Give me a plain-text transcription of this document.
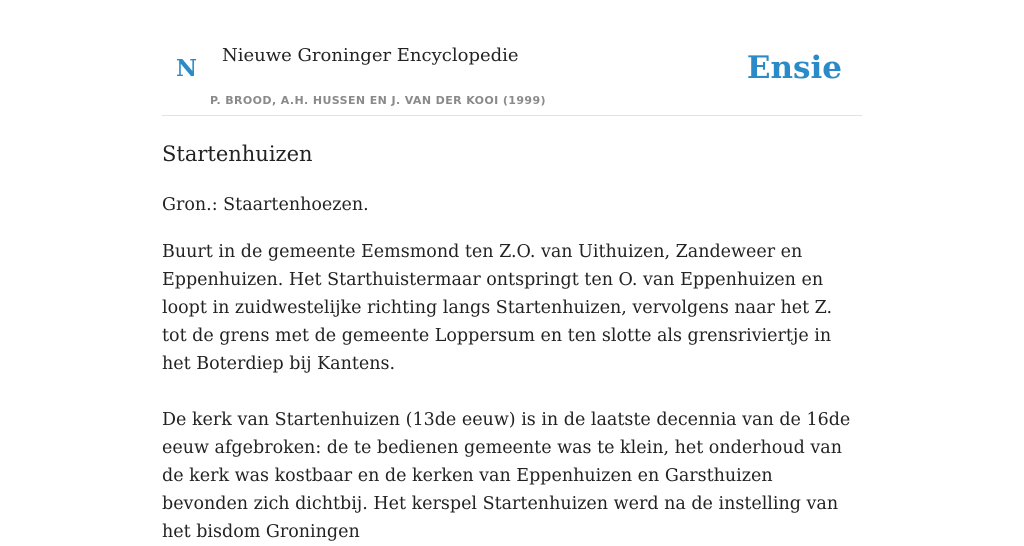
N Nieuwe Groninger Encyclopedie
P. BROOD, A.H. HUSSEN EN J. VAN DER KOOI (1999)
Ensie
Startenhuizen

Gron.: Staartenhoezen.

Buurt in de gemeente Eemsmond ten Z.O. van Uithuizen, Zandeweer en Eppenhuizen. Het Starthuistermaar ontspringt ten O. van Eppenhuizen en loopt in zuidwestelijke richting langs Startenhuizen, vervolgens naar het Z. tot de grens met de gemeente Loppersum en ten slotte als grensriviertje in het Boterdiep bij Kantens.

De kerk van Startenhuizen (13de eeuw) is in de laatste decennia van de 16de eeuw afgebroken: de te bedienen gemeente was te klein, het onderhoud van de kerk was kostbaar en de kerken van Eppenhuizen en Garsthuizen bevonden zich dichtbij. Het kerspel Startenhuizen werd na de instelling van het bisdom Groningen
